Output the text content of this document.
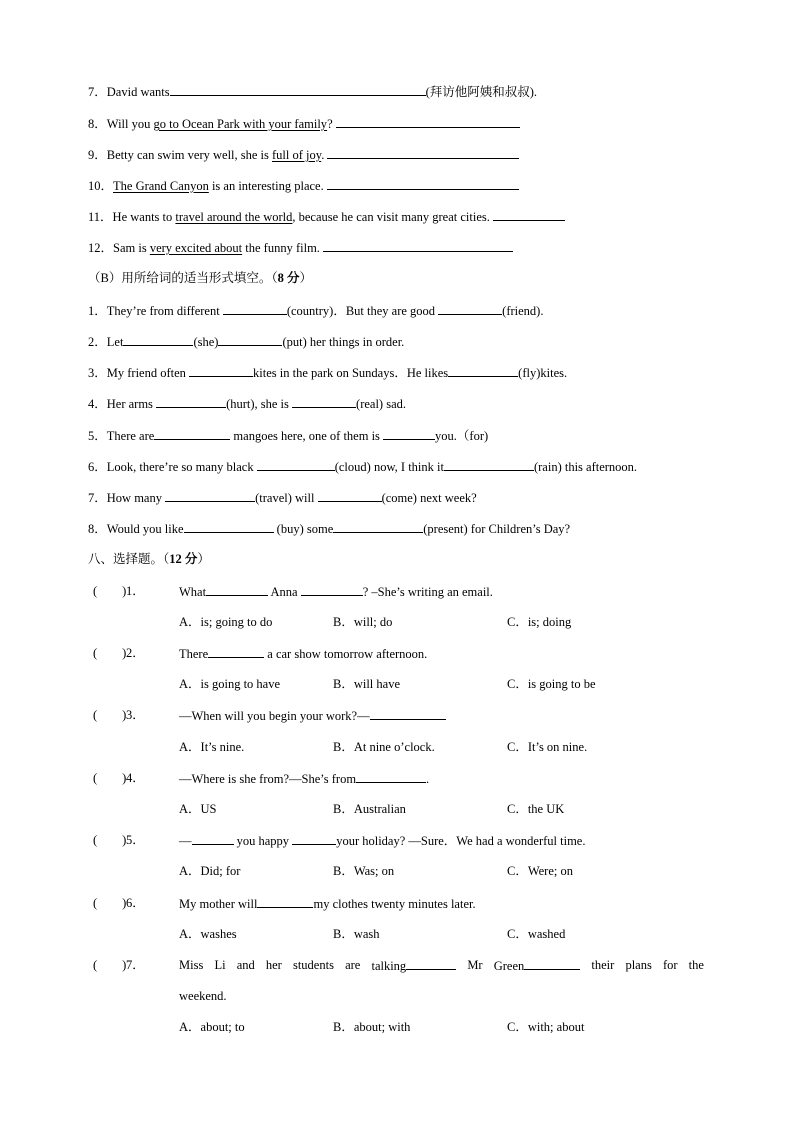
7．David wants	(拜访他阿姨和叔叔).
8．Will you go to Ocean Park with your family?
9．Betty can swim very well, she is full of joy.
10．The Grand Canyon is an interesting place.
11．He wants to travel around the world, because he can visit many great cities.
12．Sam is very excited about the funny film.
（B）用所给词的适当形式填空。（8 分）
1．They’re from different	(country)．But they are good	(friend).
2．Let	(she)	(put) her things in order.
3．My friend often	kites in the park on Sundays．He likes	(fly)kites.
4．Her arms	(hurt), she is	(real) sad.
5．There are	mangoes here, one of them is	you.（for)
6．Look, there’re so many black	(cloud) now, I think it	(rain) this afternoon.
7．How many	(travel) will	(come) next week?
8．Would you like	(buy) some	(present) for Children’s Day?
八、选择题。（12 分）
(        ) 1．	What	Anna	? –She’s writing an email.
A．is; going to do	B．will; do	C．is; doing
(        ) 2．	There	a car show tomorrow afternoon.
A．is going to have	B．will have	C．is going to be
(        ) 3．	—When will you begin your work?—
A．It’s nine.	B．At nine o’clock.	C．It’s on nine.
(        ) 4．	—Where is she from?—She’s from	.
A．US	B．Australian	C．the UK
(        ) 5．	—	you happy	your holiday? —Sure．We had a wonderful time.
A．Did; for	B．Was; on	C．Were; on
(        ) 6．	My mother will	my clothes twenty minutes later.
A．washes	B．wash	C．washed
(        ) 7．	Miss Li and her students are talking	Mr Green	their plans for the
weekend.
A．about; to	B．about; with	C．with; about
